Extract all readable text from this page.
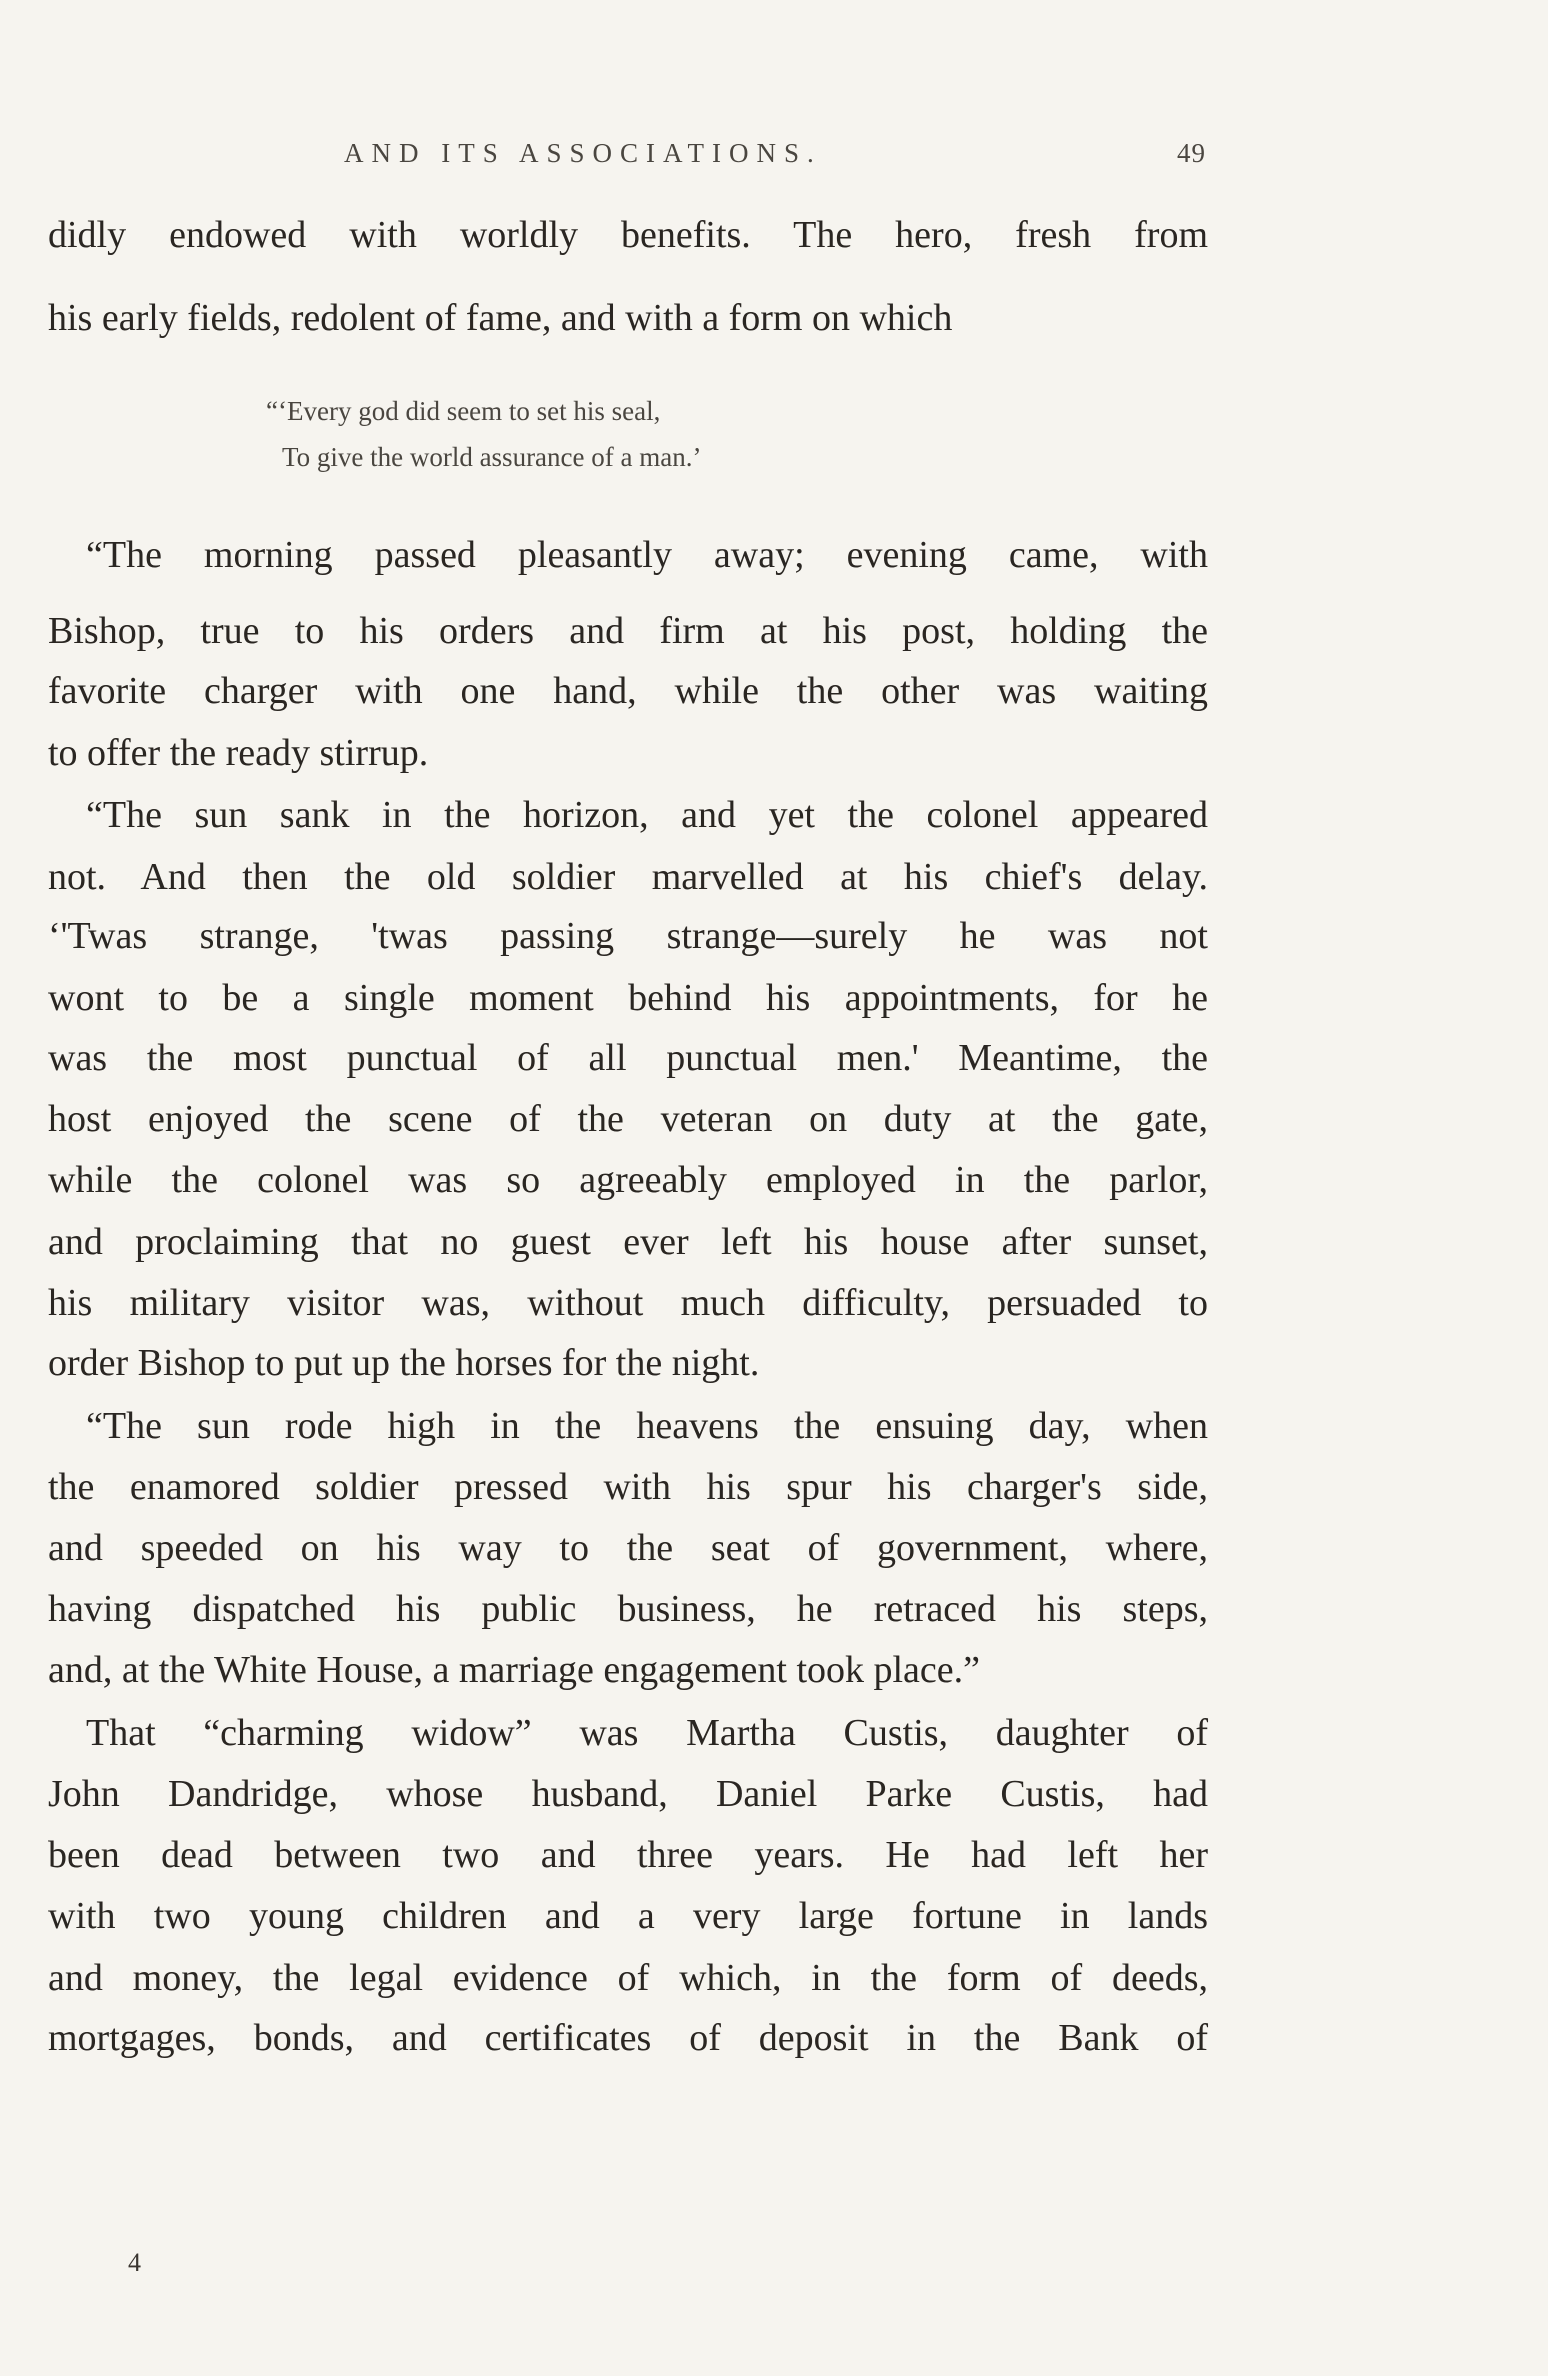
AND ITS ASSOCIATIONS.	49
didly endowed with worldly benefits. The hero, fresh from
his early fields, redolent of fame, and with a form on which
“‘Every god did seem to set his seal,
To give the world assurance of a man.’
“The morning passed pleasantly away; evening came, with
Bishop, true to his orders and firm at his post, holding the
favorite charger with one hand, while the other was waiting
to offer the ready stirrup.
“The sun sank in the horizon, and yet the colonel appeared
not. And then the old soldier marvelled at his chief's delay.
‘'Twas strange, 'twas passing strange—surely he was not
wont to be a single moment behind his appointments, for he
was the most punctual of all punctual men.' Meantime, the
host enjoyed the scene of the veteran on duty at the gate,
while the colonel was so agreeably employed in the parlor,
and proclaiming that no guest ever left his house after sunset,
his military visitor was, without much difficulty, persuaded to
order Bishop to put up the horses for the night.
“The sun rode high in the heavens the ensuing day, when
the enamored soldier pressed with his spur his charger's side,
and speeded on his way to the seat of government, where,
having dispatched his public business, he retraced his steps,
and, at the White House, a marriage engagement took place.”
That “charming widow” was Martha Custis, daughter of
John Dandridge, whose husband, Daniel Parke Custis, had
been dead between two and three years. He had left her
with two young children and a very large fortune in lands
and money, the legal evidence of which, in the form of deeds,
mortgages, bonds, and certificates of deposit in the Bank of
4
